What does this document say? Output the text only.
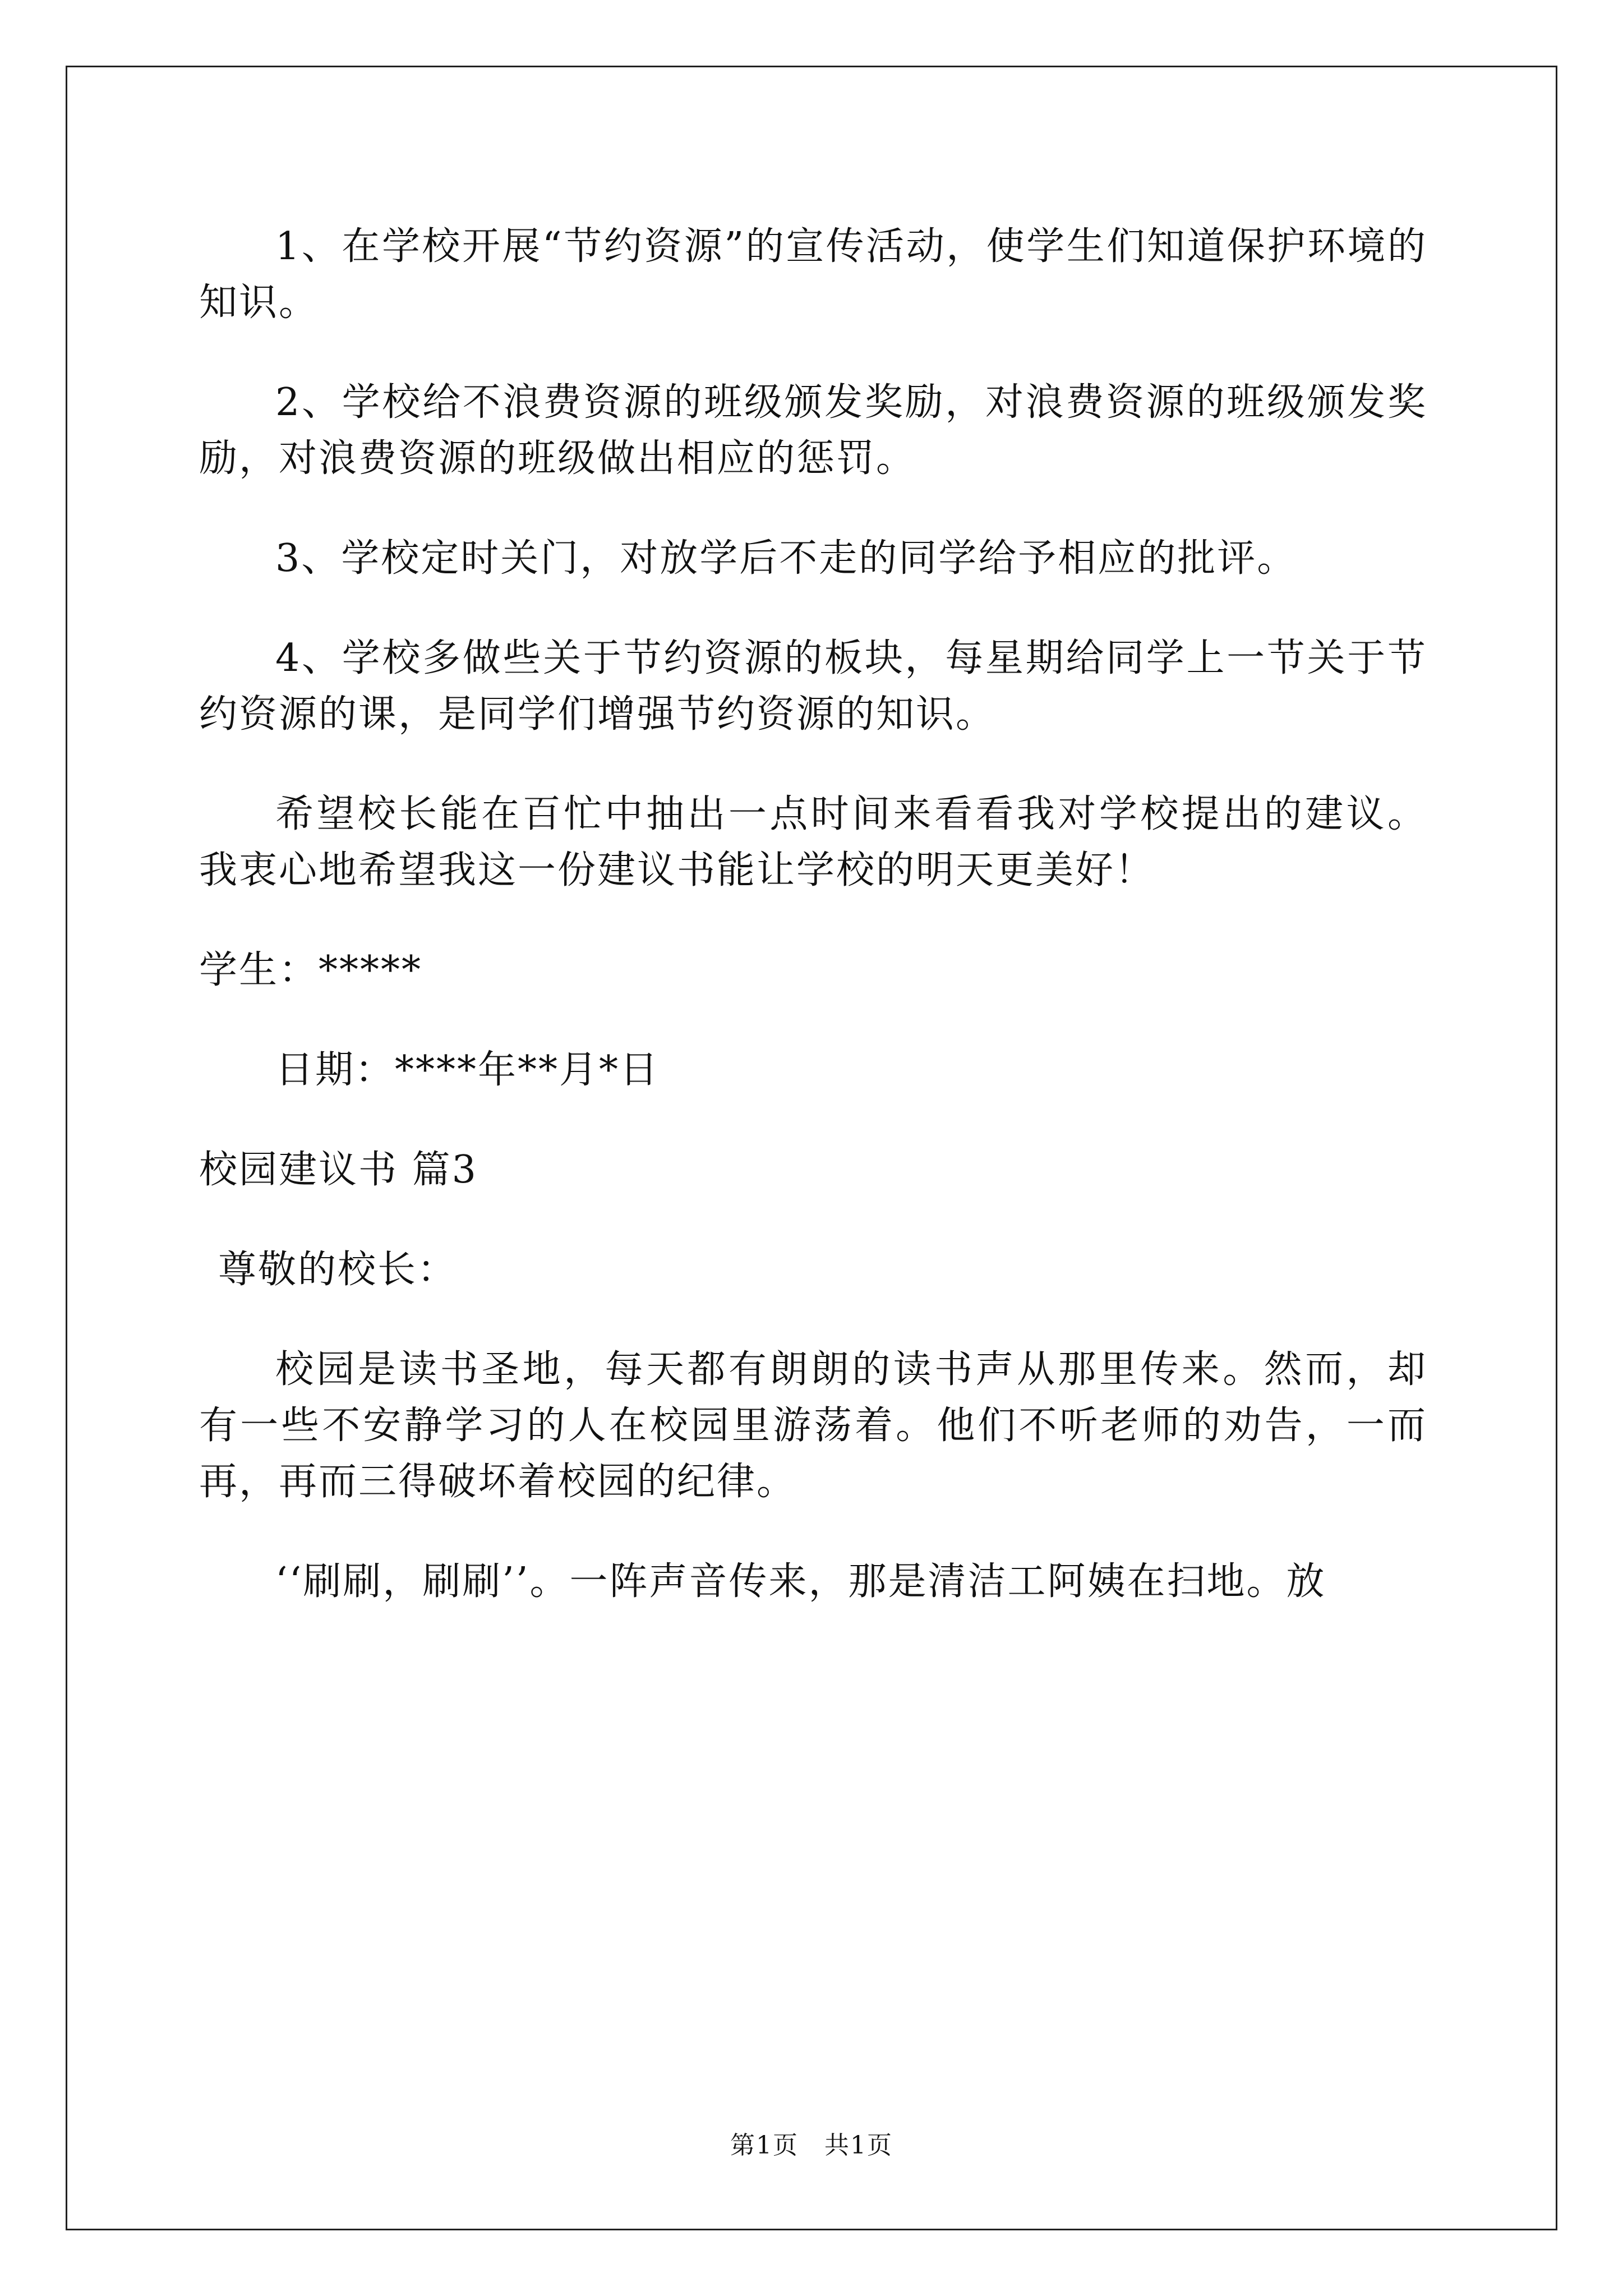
1、在学校开展“节约资源”的宣传活动，使学生们知道保护环境的知识。

2、学校给不浪费资源的班级颁发奖励，对浪费资源的班级颁发奖励，对浪费资源的班级做出相应的惩罚。

3、学校定时关门，对放学后不走的同学给予相应的批评。

4、学校多做些关于节约资源的板块，每星期给同学上一节关于节约资源的课，是同学们增强节约资源的知识。

希望校长能在百忙中抽出一点时间来看看我对学校提出的建议。我衷心地希望我这一份建议书能让学校的明天更美好！

学生：*****

日期：****年**月*日

校园建议书 篇3

尊敬的校长：

校园是读书圣地，每天都有朗朗的读书声从那里传来。然而，却有一些不安静学习的人在校园里游荡着。他们不听老师的劝告，一而再，再而三得破坏着校园的纪律。

‘‘刷刷，刷刷’’。一阵声音传来，那是清洁工阿姨在扫地。放

第1页　共1页
